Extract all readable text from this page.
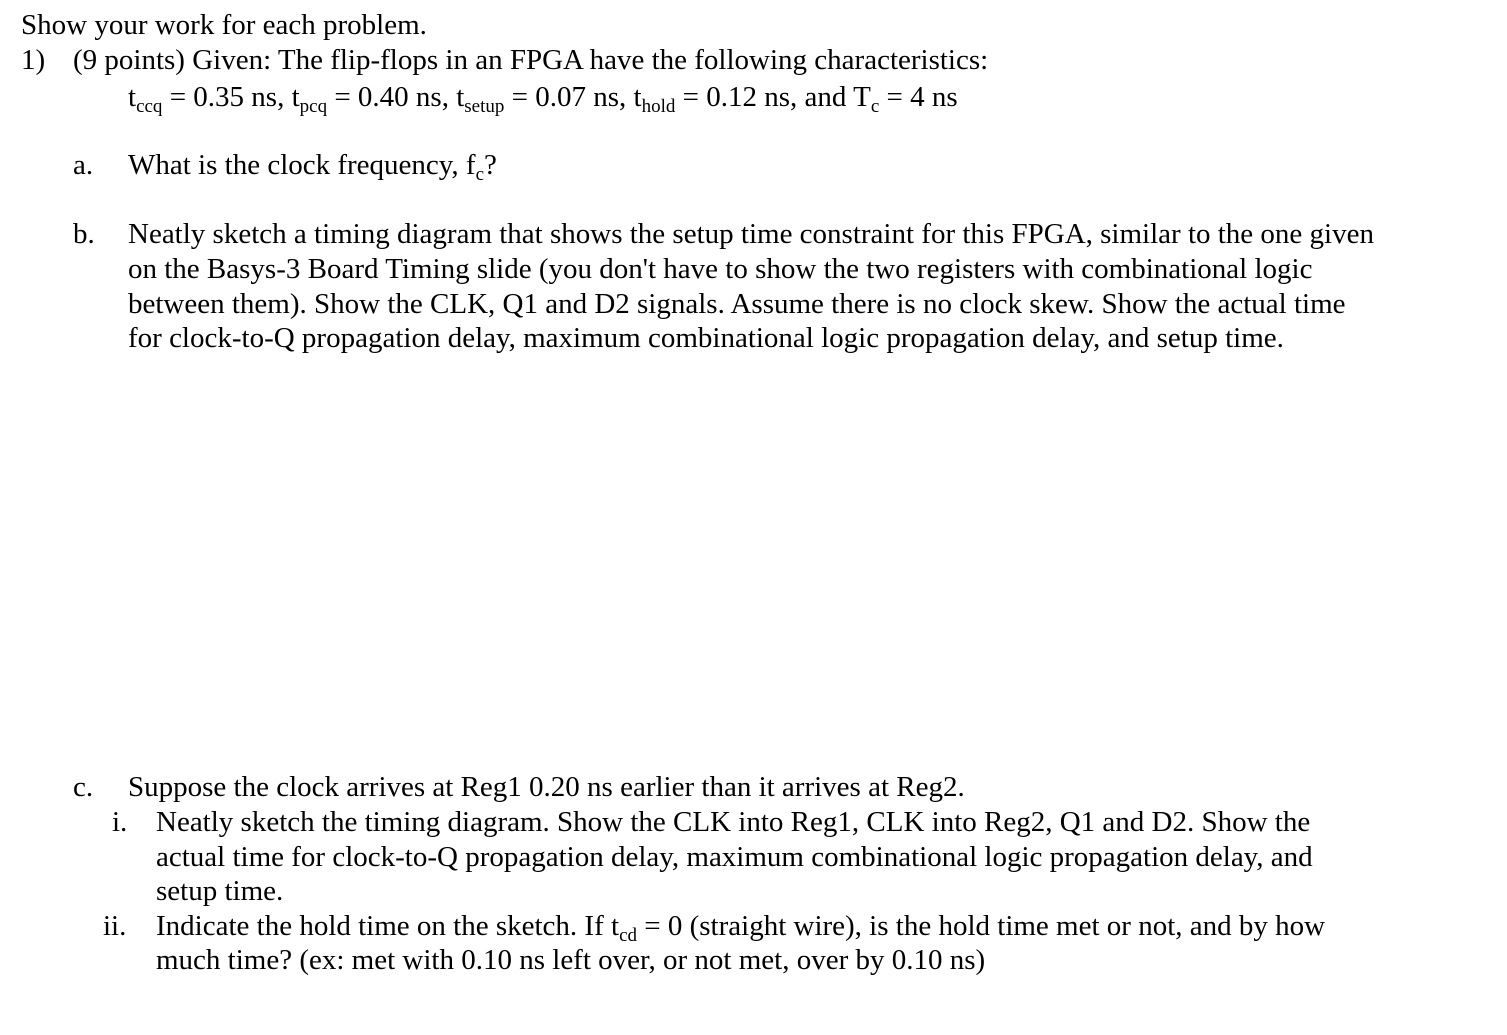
Show your work for each problem.
1) (9 points) Given: The flip-flops in an FPGA have the following characteristics:
$t_{ccq} = 0.35$ ns, $t_{pcq} = 0.40$ ns, $t_{setup} = 0.07$ ns, $t_{hold} = 0.12$ ns, and $T_c = 4$ ns
a. What is the clock frequency, $f_c$?
b. Neatly sketch a timing diagram that shows the setup time constraint for this FPGA, similar to the one given
on the Basys-3 Board Timing slide (you don't have to show the two registers with combinational logic
between them). Show the CLK, Q1 and D2 signals. Assume there is no clock skew. Show the actual time
for clock-to-Q propagation delay, maximum combinational logic propagation delay, and setup time.
c. Suppose the clock arrives at Reg1 0.20 ns earlier than it arrives at Reg2.
i. Neatly sketch the timing diagram. Show the CLK into Reg1, CLK into Reg2, Q1 and D2. Show the
actual time for clock-to-Q propagation delay, maximum combinational logic propagation delay, and
setup time.
ii. Indicate the hold time on the sketch. If $t_{cd} = 0$ (straight wire), is the hold time met or not, and by how
much time? (ex: met with 0.10 ns left over, or not met, over by 0.10 ns)
